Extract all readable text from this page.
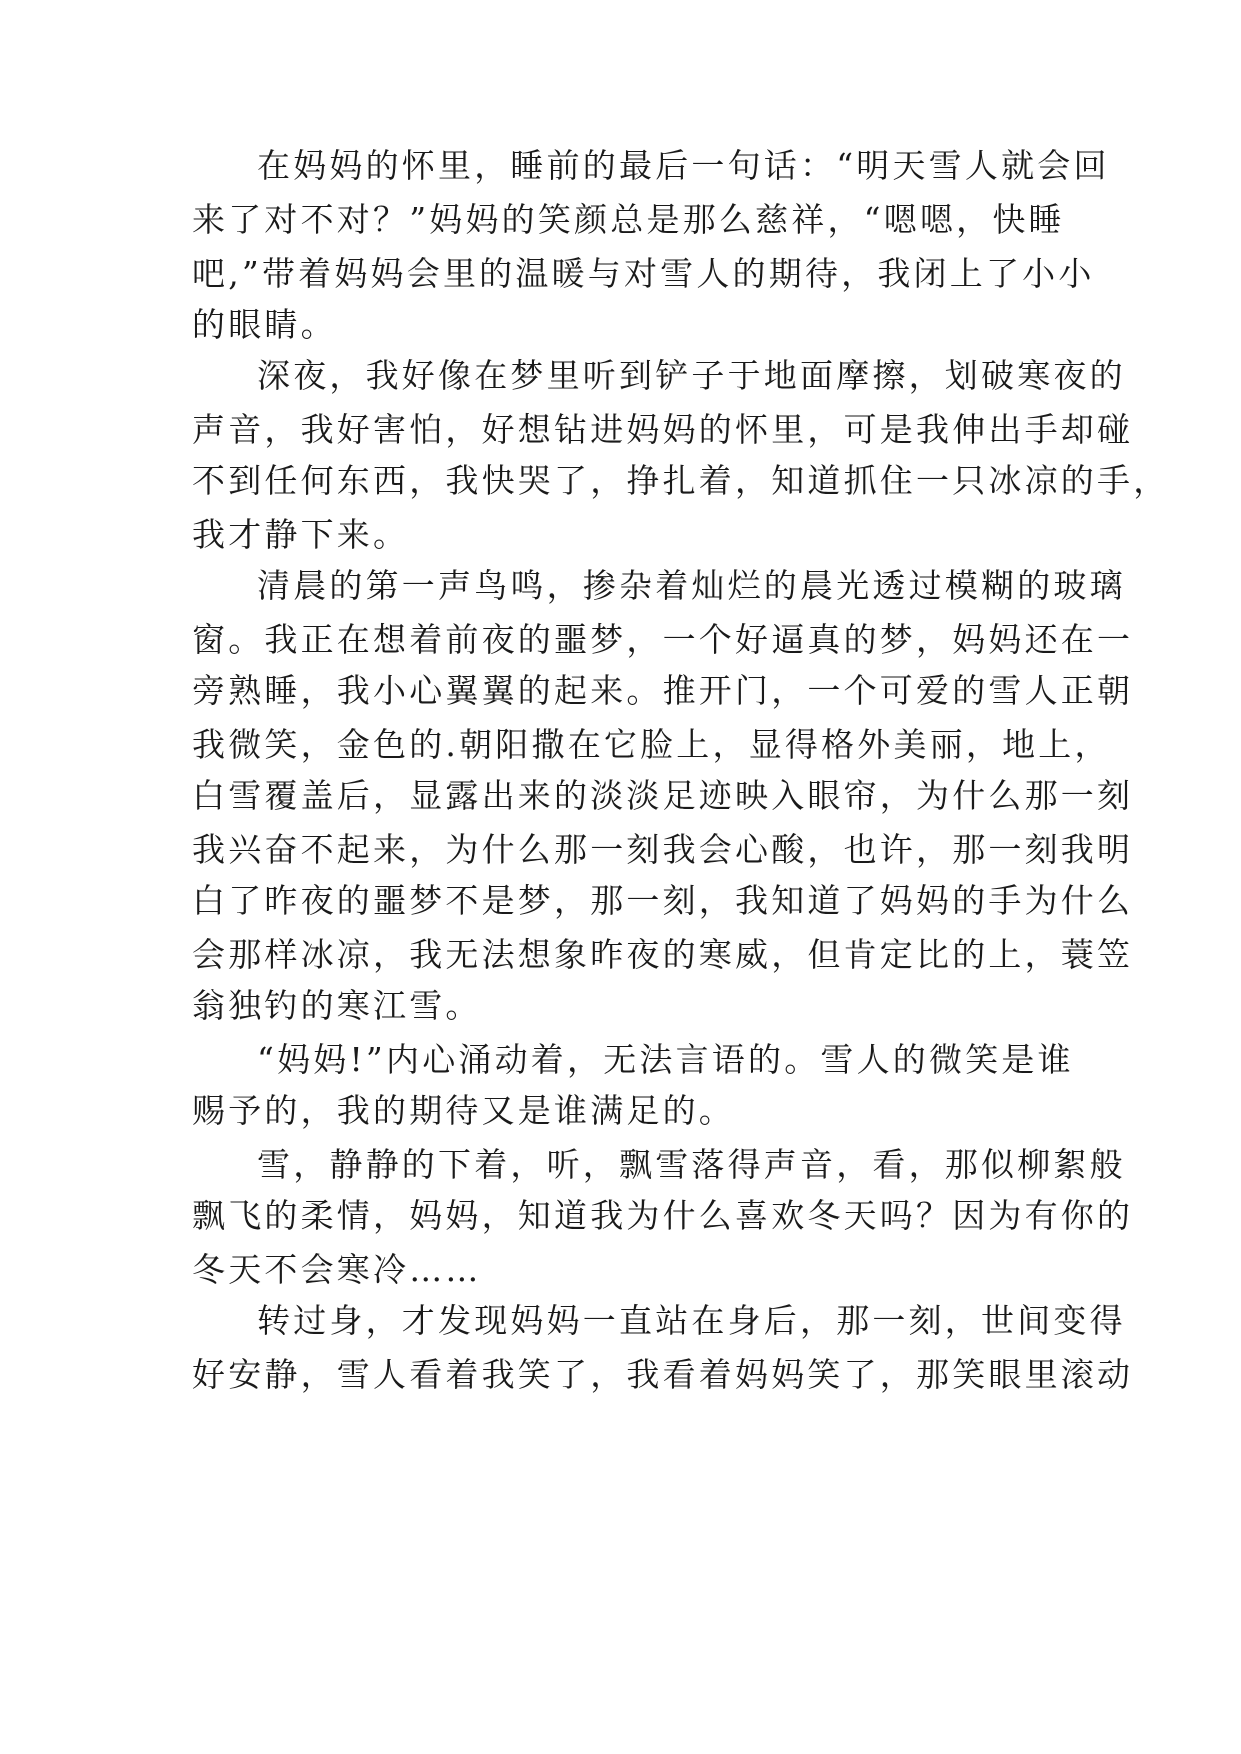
在妈妈的怀里，睡前的最后一句话：“明天雪人就会回
来了对不对？”妈妈的笑颜总是那么慈祥，“嗯嗯，快睡
吧,”带着妈妈会里的温暖与对雪人的期待，我闭上了小小
的眼睛。
深夜，我好像在梦里听到铲子于地面摩擦，划破寒夜的
声音，我好害怕，好想钻进妈妈的怀里，可是我伸出手却碰
不到任何东西，我快哭了，挣扎着，知道抓住一只冰凉的手，
我才静下来。
清晨的第一声鸟鸣，掺杂着灿烂的晨光透过模糊的玻璃
窗。我正在想着前夜的噩梦，一个好逼真的梦，妈妈还在一
旁熟睡，我小心翼翼的起来。推开门，一个可爱的雪人正朝
我微笑，金色的.朝阳撒在它脸上，显得格外美丽，地上，
白雪覆盖后，显露出来的淡淡足迹映入眼帘，为什么那一刻
我兴奋不起来，为什么那一刻我会心酸，也许，那一刻我明
白了昨夜的噩梦不是梦，那一刻，我知道了妈妈的手为什么
会那样冰凉，我无法想象昨夜的寒威，但肯定比的上，蓑笠
翁独钓的寒江雪。
“妈妈!”内心涌动着，无法言语的。雪人的微笑是谁
赐予的，我的期待又是谁满足的。
雪，静静的下着，听，飘雪落得声音，看，那似柳絮般
飘飞的柔情，妈妈，知道我为什么喜欢冬天吗？因为有你的
冬天不会寒冷……
转过身，才发现妈妈一直站在身后，那一刻，世间变得
好安静，雪人看着我笑了，我看着妈妈笑了，那笑眼里滚动
